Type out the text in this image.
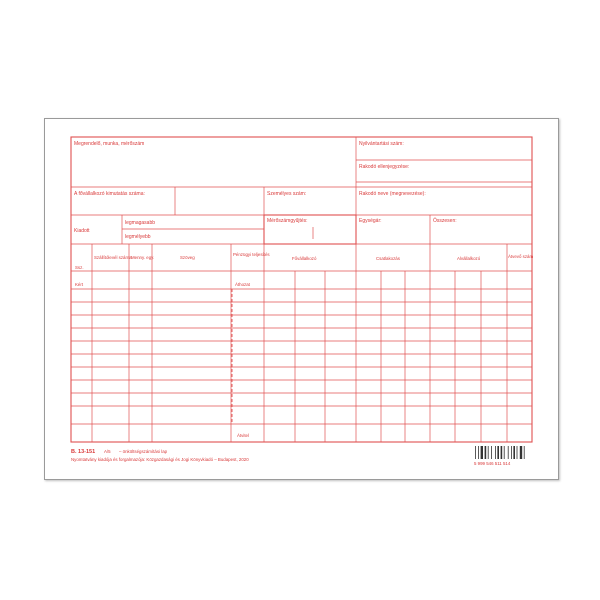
Megrendelő, munka, mérőszám	Nyilvántartási szám:
Rakodó ellenjegyzése:
A fővállalkozó kimutatás száma:	Személyes szám:	Rakodó neve (megnevezése):
Kiadott
legmagasabb
legmélyebb
Mérőszámgyűjtés:	Egységár:	Összesen:
Ssz.
Szállítólevél száma Menny. egy.	Szöveg
Pénzügyi teljesítés
Fővállalkozó	Csatlakozás	Alvállalkozó	Átvevő szám
Kért	Áthozat
Átvitel
B. 13-151 A/5 – önköltségszámítási lap
Nyomtatvány kiadója és forgalmazója: Közgazdasági és Jogi Könyvkiadó – Budapest, 2020
5 999 546 511 514
